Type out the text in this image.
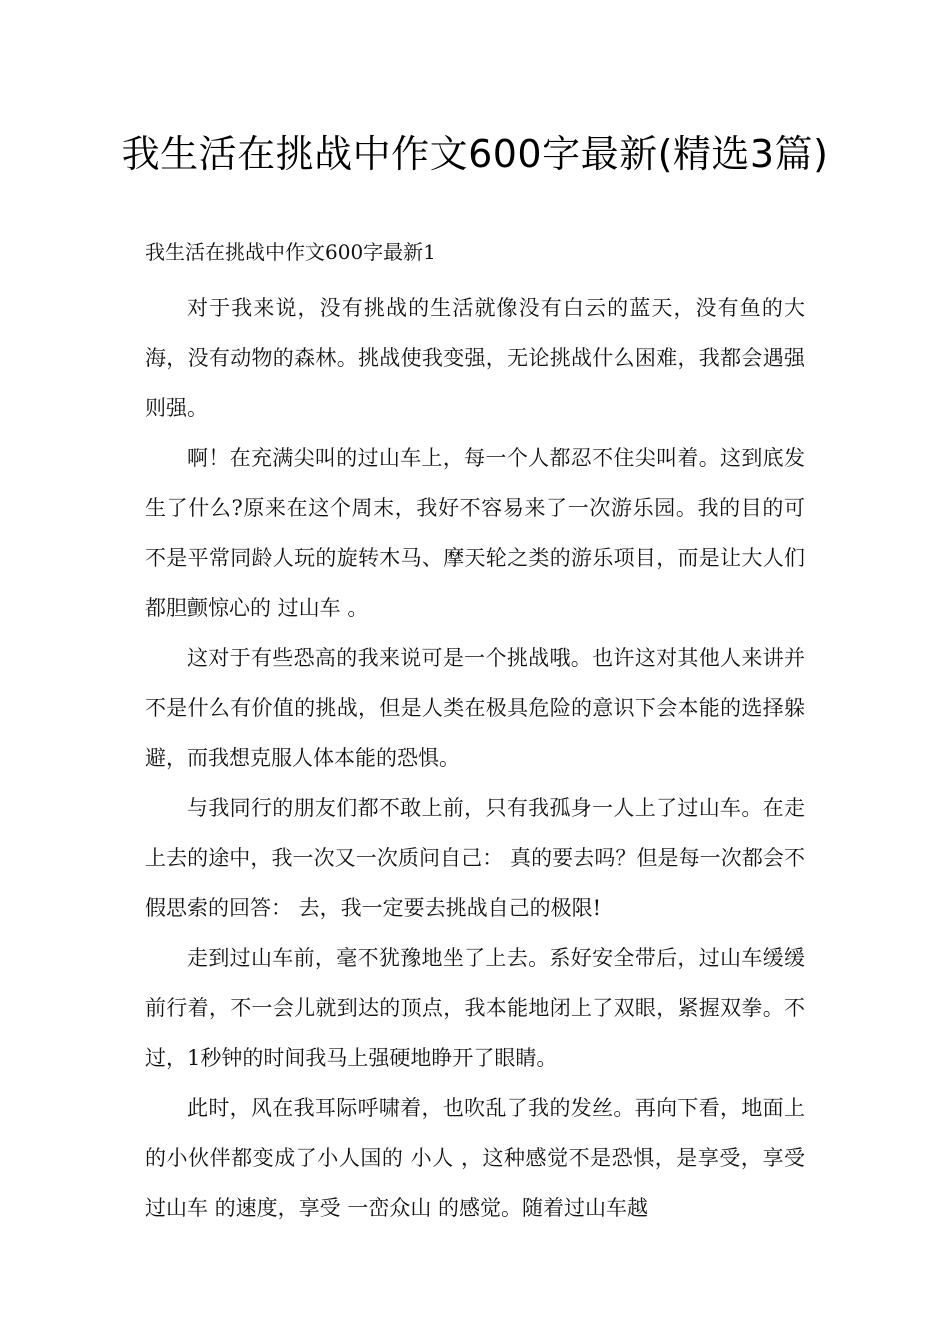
我生活在挑战中作文600字最新(精选3篇)
我生活在挑战中作文600字最新1

对于我来说，没有挑战的生活就像没有白云的蓝天，没有鱼的大海，没有动物的森林。挑战使我变强，无论挑战什么困难，我都会遇强则强。

啊！在充满尖叫的过山车上，每一个人都忍不住尖叫着。这到底发生了什么?原来在这个周末，我好不容易来了一次游乐园。我的目的可不是平常同龄人玩的旋转木马、摩天轮之类的游乐项目，而是让大人们都胆颤惊心的 过山车 。

这对于有些恐高的我来说可是一个挑战哦。也许这对其他人来讲并不是什么有价值的挑战，但是人类在极具危险的意识下会本能的选择躲避，而我想克服人体本能的恐惧。

与我同行的朋友们都不敢上前，只有我孤身一人上了过山车。在走上去的途中，我一次又一次质问自己： 真的要去吗？但是每一次都会不假思索的回答： 去，我一定要去挑战自己的极限!

走到过山车前，毫不犹豫地坐了上去。系好安全带后，过山车缓缓前行着，不一会儿就到达的顶点，我本能地闭上了双眼，紧握双拳。不过，1秒钟的时间我马上强硬地睁开了眼睛。

此时，风在我耳际呼啸着，也吹乱了我的发丝。再向下看，地面上的小伙伴都变成了小人国的 小人 ，这种感觉不是恐惧，是享受，享受 过山车 的速度，享受 一峦众山 的感觉。随着过山车越
